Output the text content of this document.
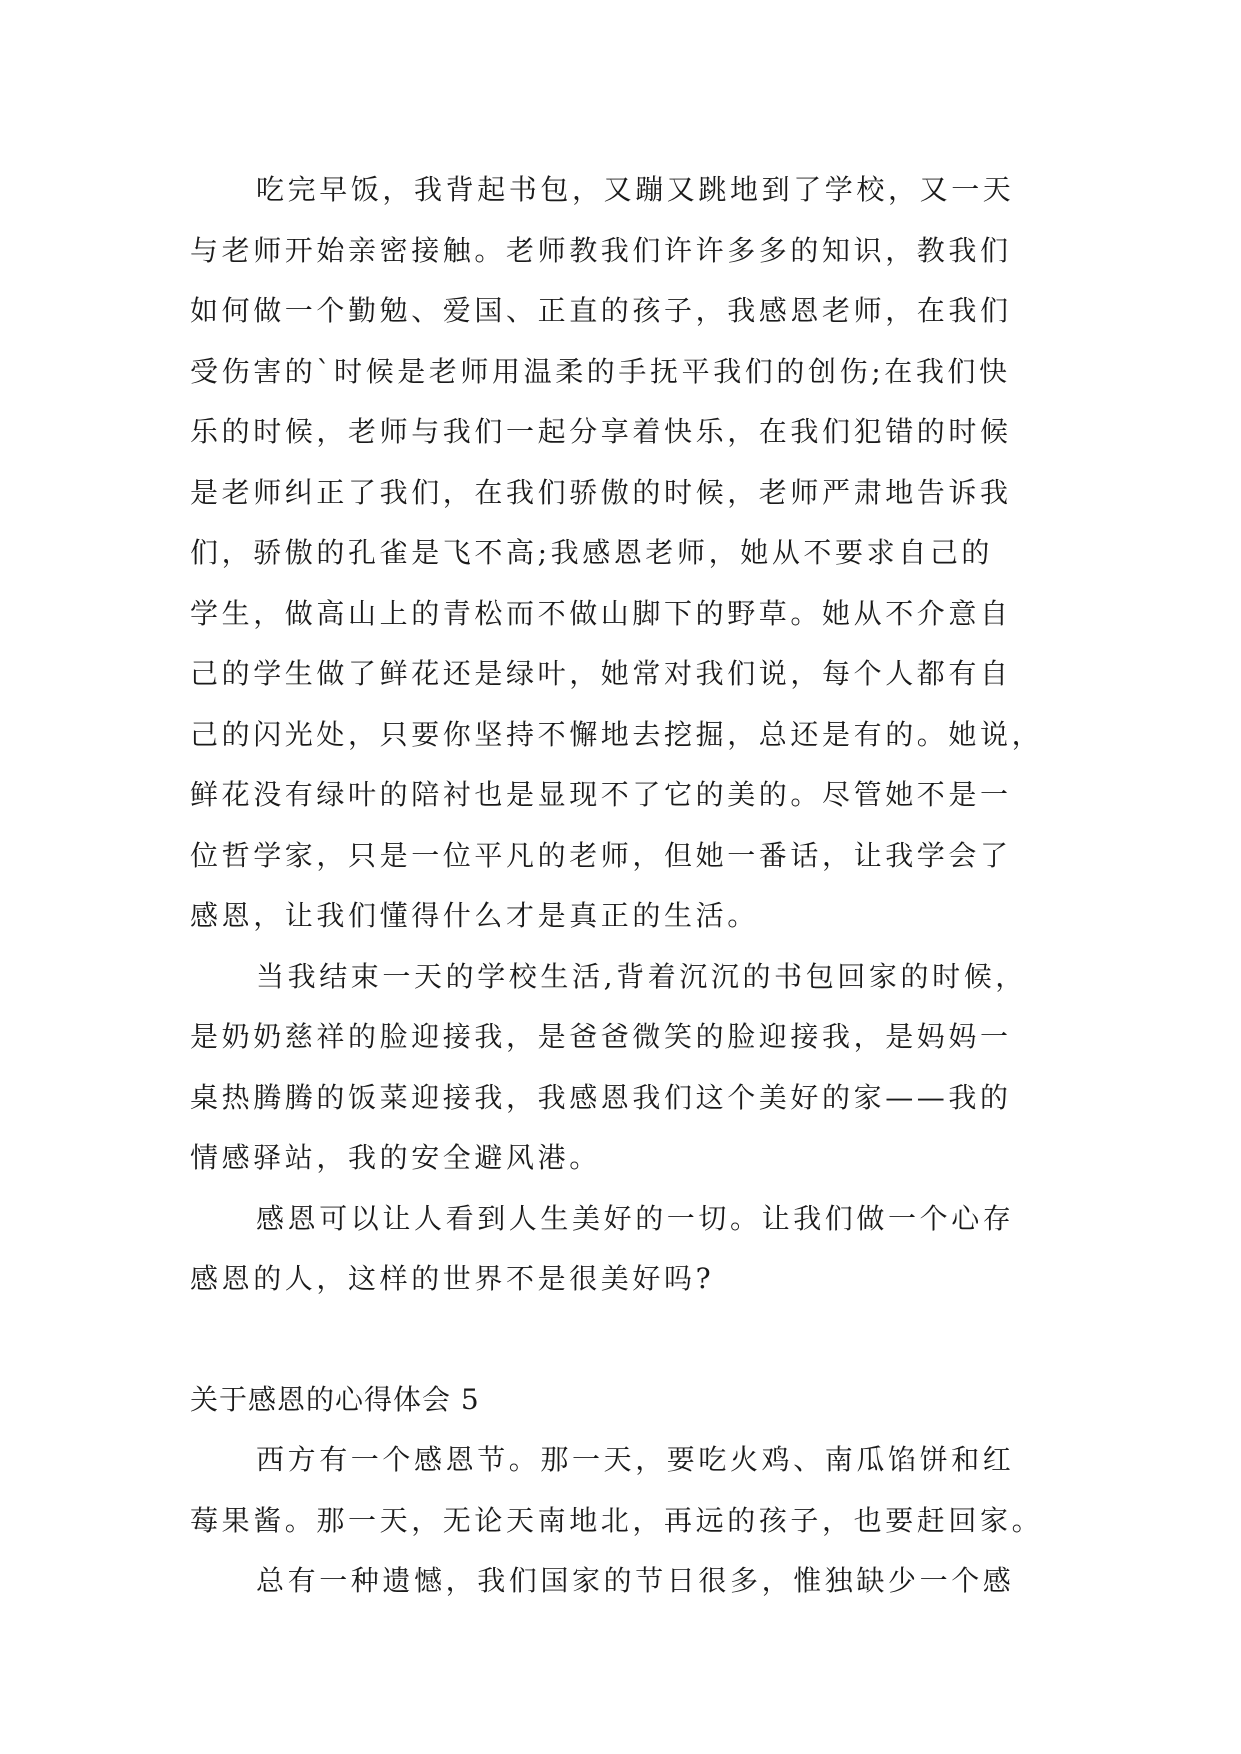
吃完早饭，我背起书包，又蹦又跳地到了学校，又一天
与老师开始亲密接触。老师教我们许许多多的知识，教我们
如何做一个勤勉、爱国、正直的孩子，我感恩老师，在我们
受伤害的`时候是老师用温柔的手抚平我们的创伤;在我们快
乐的时候，老师与我们一起分享着快乐，在我们犯错的时候
是老师纠正了我们，在我们骄傲的时候，老师严肃地告诉我
们，骄傲的孔雀是飞不高;我感恩老师，她从不要求自己的
学生，做高山上的青松而不做山脚下的野草。她从不介意自
己的学生做了鲜花还是绿叶，她常对我们说，每个人都有自
己的闪光处，只要你坚持不懈地去挖掘，总还是有的。她说，
鲜花没有绿叶的陪衬也是显现不了它的美的。尽管她不是一
位哲学家，只是一位平凡的老师，但她一番话，让我学会了
感恩，让我们懂得什么才是真正的生活。
当我结束一天的学校生活,背着沉沉的书包回家的时候，
是奶奶慈祥的脸迎接我，是爸爸微笑的脸迎接我，是妈妈一
桌热腾腾的饭菜迎接我，我感恩我们这个美好的家——我的
情感驿站，我的安全避风港。
感恩可以让人看到人生美好的一切。让我们做一个心存
感恩的人，这样的世界不是很美好吗?
关于感恩的心得体会 5
西方有一个感恩节。那一天，要吃火鸡、南瓜馅饼和红
莓果酱。那一天，无论天南地北，再远的孩子，也要赶回家。
总有一种遗憾，我们国家的节日很多，惟独缺少一个感
